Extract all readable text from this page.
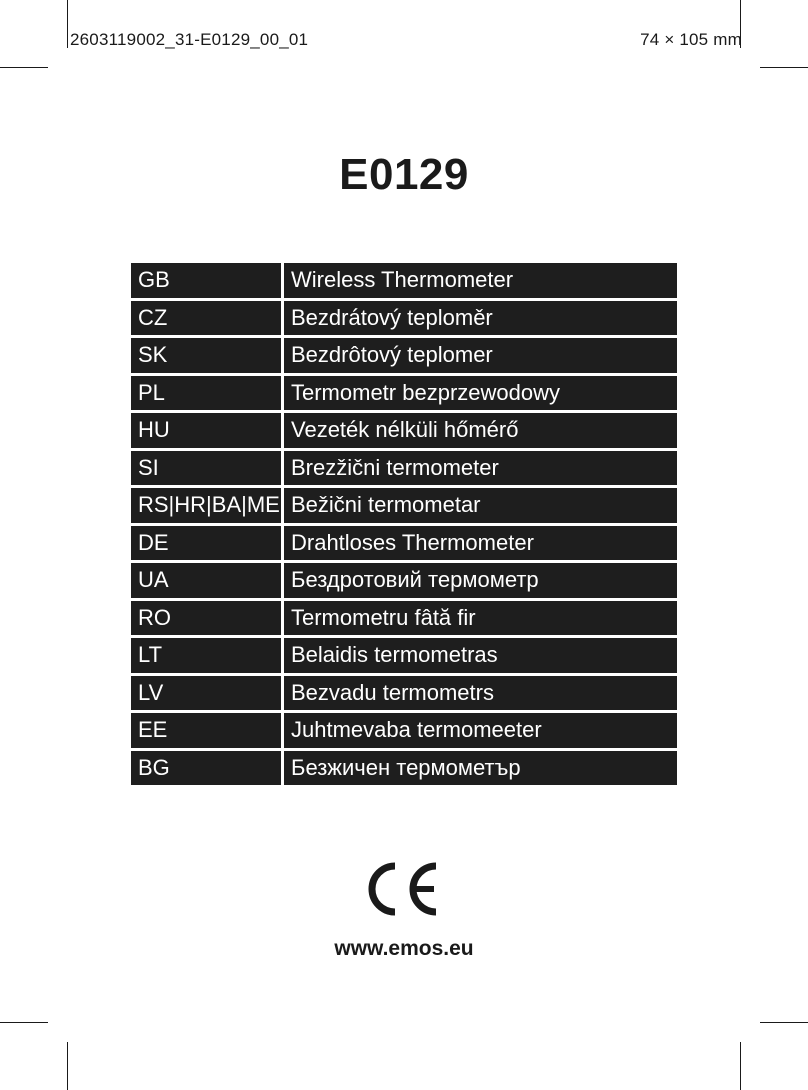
2603119002_31-E0129_00_01	74 × 105 mm
E0129
GB	Wireless Thermometer
CZ	Bezdrátový teploměr
SK	Bezdrôtový teplomer
PL	Termometr bezprzewodowy
HU	Vezeték nélküli hőmérő
SI	Brezžični termometer
RS|HR|BA|ME Bežični termometar
DE	Drahtloses Thermometer
UA	Бездротовий термометр
RO	Termometru fâtă fir
LT	Belaidis termometras
LV	Bezvadu termometrs
EE	Juhtmevaba termomeeter
BG	Безжичен термометър
www.emos.eu
